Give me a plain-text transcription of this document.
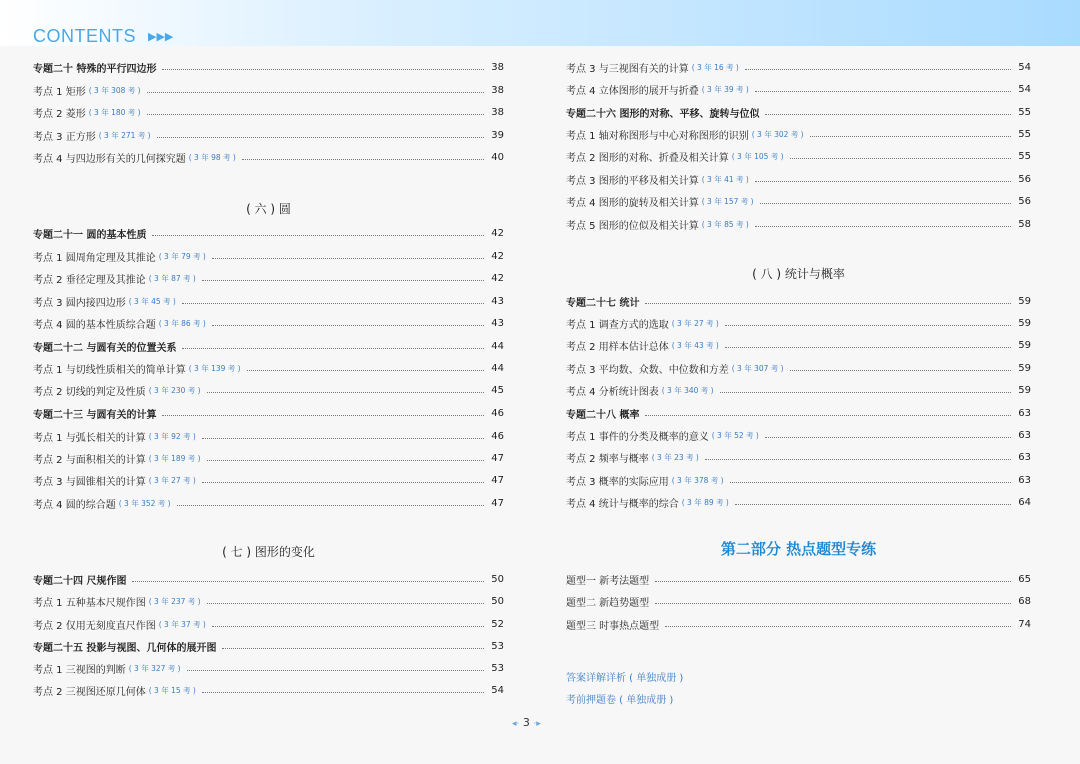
CONTENTS ▶▶▶
( 六 ) 圆
( 七 ) 图形的变化
专题二十 特殊的平行四边形	38
考点 1 矩形 ( 3 年 308 考 )	38
考点 2 菱形 ( 3 年 180 考 )	38
考点 3 正方形 ( 3 年 271 考 )	39
考点 4 与四边形有关的几何探究题 ( 3 年 98 考 )	40
专题二十一 圆的基本性质	42
考点 1 圆周角定理及其推论 ( 3 年 79 考 )	42
考点 2 垂径定理及其推论 ( 3 年 87 考 )	42
考点 3 圆内接四边形 ( 3 年 45 考 )	43
考点 4 圆的基本性质综合题 ( 3 年 86 考 )	43
专题二十二 与圆有关的位置关系	44
考点 1 与切线性质相关的简单计算 ( 3 年 139 考 )	44
考点 2 切线的判定及性质 ( 3 年 230 考 )	45
专题二十三 与圆有关的计算	46
考点 1 与弧长相关的计算 ( 3 年 92 考 )	46
考点 2 与面积相关的计算 ( 3 年 189 考 )	47
考点 3 与圆锥相关的计算 ( 3 年 27 考 )	47
考点 4 圆的综合题 ( 3 年 352 考 )	47
专题二十四 尺规作图	50
考点 1 五种基本尺规作图 ( 3 年 237 考 )	50
考点 2 仅用无刻度直尺作图 ( 3 年 37 考 )	52
专题二十五 投影与视图、几何体的展开图	53
考点 1 三视图的判断 ( 3 年 327 考 )	53
考点 2 三视图还原几何体 ( 3 年 15 考 )	54
( 八 ) 统计与概率
第二部分 热点题型专练
答案详解详析 ( 单独成册 )
考前押题卷 ( 单独成册 )
考点 3 与三视图有关的计算 ( 3 年 16 考 )	54
考点 4 立体图形的展开与折叠 ( 3 年 39 考 )	54
专题二十六 图形的对称、平移、旋转与位似	55
考点 1 轴对称图形与中心对称图形的识别 ( 3 年 302 考 )	55
考点 2 图形的对称、折叠及相关计算 ( 3 年 105 考 )	55
考点 3 图形的平移及相关计算 ( 3 年 41 考 )	56
考点 4 图形的旋转及相关计算 ( 3 年 157 考 )	56
考点 5 图形的位似及相关计算 ( 3 年 85 考 )	58
专题二十七 统计	59
考点 1 调查方式的选取 ( 3 年 27 考 )	59
考点 2 用样本估计总体 ( 3 年 43 考 )	59
考点 3 平均数、众数、中位数和方差 ( 3 年 307 考 )	59
考点 4 分析统计图表 ( 3 年 340 考 )	59
专题二十八 概率	63
考点 1 事件的分类及概率的意义 ( 3 年 52 考 )	63
考点 2 频率与概率 ( 3 年 23 考 )	63
考点 3 概率的实际应用 ( 3 年 378 考 )	63
考点 4 统计与概率的综合 ( 3 年 89 考 )	64
题型一 新考法题型	65
题型二 新趋势题型	68
题型三 时事热点题型	74
◂· 3 ·▸
